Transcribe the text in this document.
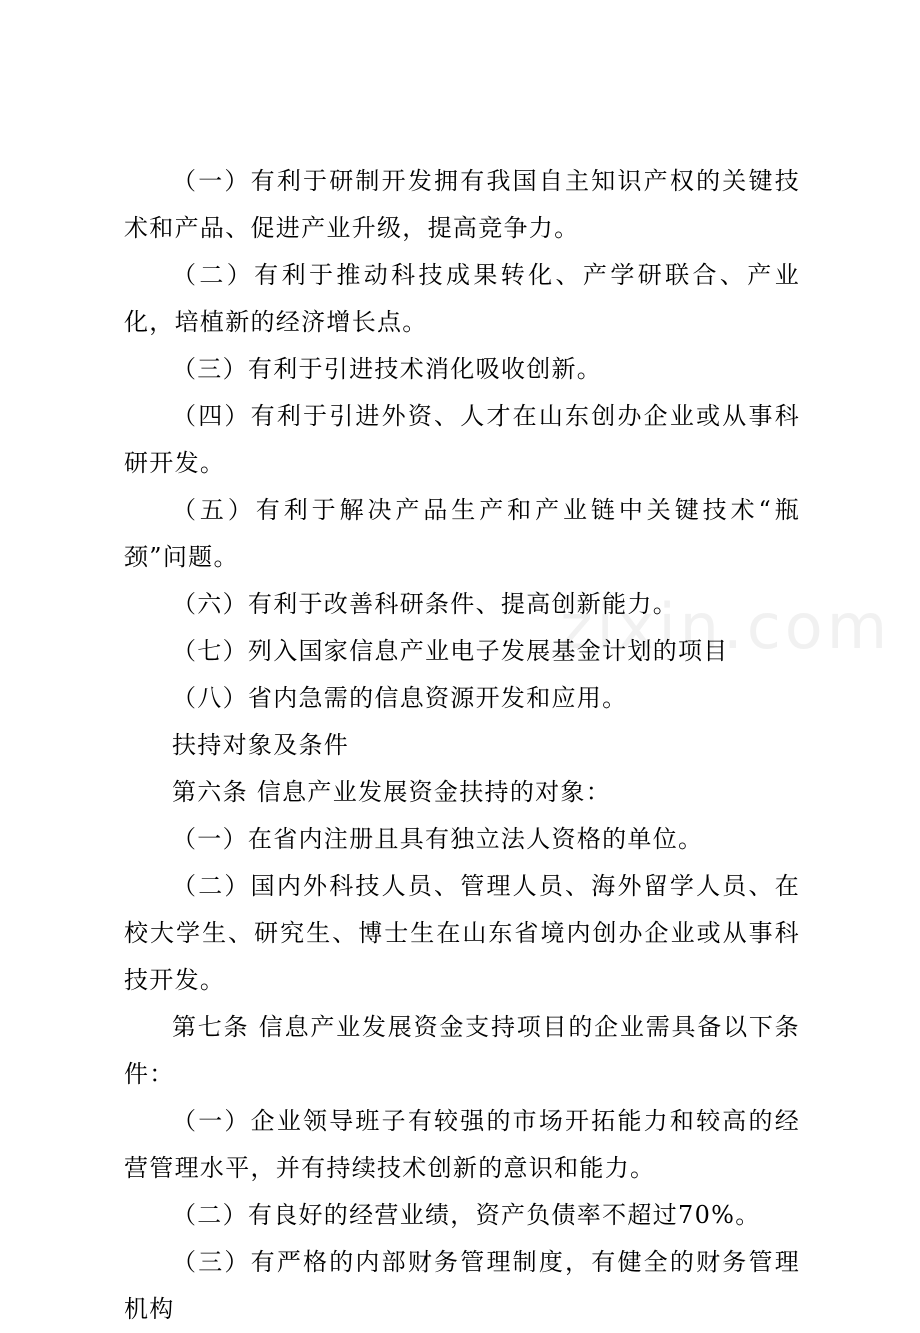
zixin.com

（一）有利于研制开发拥有我国自主知识产权的关键技术和产品、促进产业升级，提高竞争力。

（二）有利于推动科技成果转化、产学研联合、产业化，培植新的经济增长点。

（三）有利于引进技术消化吸收创新。

（四）有利于引进外资、人才在山东创办企业或从事科研开发。

（五）有利于解决产品生产和产业链中关键技术“瓶颈”问题。

（六）有利于改善科研条件、提高创新能力。

（七）列入国家信息产业电子发展基金计划的项目

（八）省内急需的信息资源开发和应用。

扶持对象及条件

第六条 信息产业发展资金扶持的对象：

（一）在省内注册且具有独立法人资格的单位。

（二）国内外科技人员、管理人员、海外留学人员、在校大学生、研究生、博士生在山东省境内创办企业或从事科技开发。

第七条 信息产业发展资金支持项目的企业需具备以下条件：

（一）企业领导班子有较强的市场开拓能力和较高的经营管理水平，并有持续技术创新的意识和能力。

（二）有良好的经营业绩，资产负债率不超过70%。

（三）有严格的内部财务管理制度，有健全的财务管理机构
